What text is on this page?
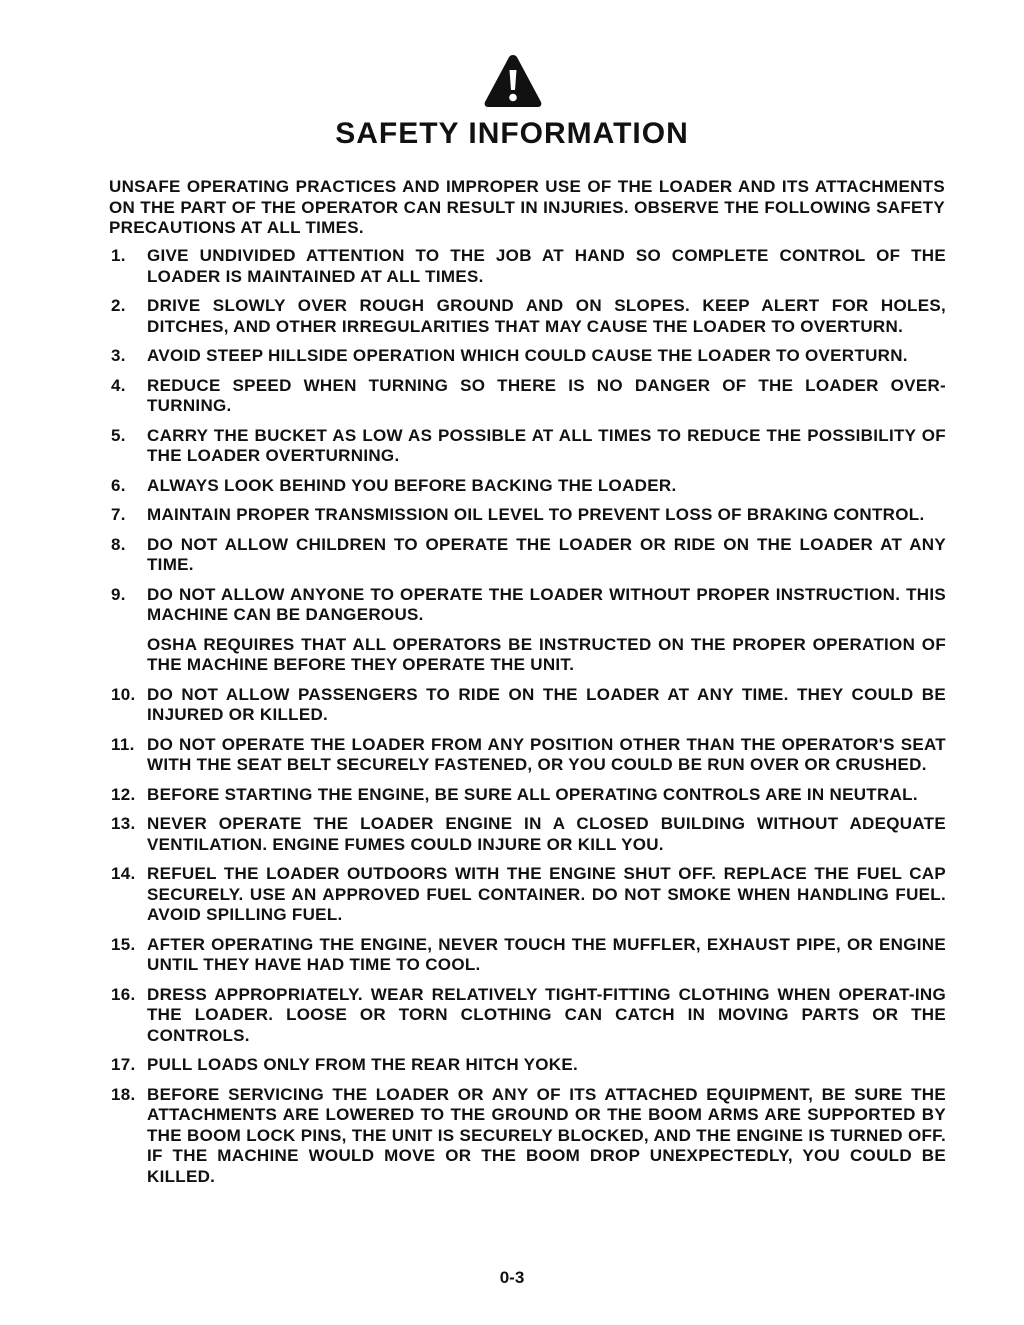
SAFETY INFORMATION

UNSAFE OPERATING PRACTICES AND IMPROPER USE OF THE LOADER AND ITS ATTACHMENTS ON THE PART OF THE OPERATOR CAN RESULT IN INJURIES. OBSERVE THE FOLLOWING SAFETY PRECAUTIONS AT ALL TIMES.

1.	GIVE UNDIVIDED ATTENTION TO THE JOB AT HAND SO COMPLETE CONTROL OF THE LOADER IS MAINTAINED AT ALL TIMES.
2.	DRIVE SLOWLY OVER ROUGH GROUND AND ON SLOPES. KEEP ALERT FOR HOLES, DITCHES, AND OTHER IRREGULARITIES THAT MAY CAUSE THE LOADER TO OVERTURN.
3.	AVOID STEEP HILLSIDE OPERATION WHICH COULD CAUSE THE LOADER TO OVERTURN.
4.	REDUCE SPEED WHEN TURNING SO THERE IS NO DANGER OF THE LOADER OVER-TURNING.
5.	CARRY THE BUCKET AS LOW AS POSSIBLE AT ALL TIMES TO REDUCE THE POSSIBILITY OF THE LOADER OVERTURNING.
6.	ALWAYS LOOK BEHIND YOU BEFORE BACKING THE LOADER.
7.	MAINTAIN PROPER TRANSMISSION OIL LEVEL TO PREVENT LOSS OF BRAKING CONTROL.
8.	DO NOT ALLOW CHILDREN TO OPERATE THE LOADER OR RIDE ON THE LOADER AT ANY TIME.
9.	DO NOT ALLOW ANYONE TO OPERATE THE LOADER WITHOUT PROPER INSTRUCTION. THIS MACHINE CAN BE DANGEROUS.

OSHA REQUIRES THAT ALL OPERATORS BE INSTRUCTED ON THE PROPER OPERATION OF THE MACHINE BEFORE THEY OPERATE THE UNIT.

10. DO NOT ALLOW PASSENGERS TO RIDE ON THE LOADER AT ANY TIME. THEY COULD BE INJURED OR KILLED.
11. DO NOT OPERATE THE LOADER FROM ANY POSITION OTHER THAN THE OPERATOR'S SEAT WITH THE SEAT BELT SECURELY FASTENED, OR YOU COULD BE RUN OVER OR CRUSHED.
12. BEFORE STARTING THE ENGINE, BE SURE ALL OPERATING CONTROLS ARE IN NEUTRAL.
13. NEVER OPERATE THE LOADER ENGINE IN A CLOSED BUILDING WITHOUT ADEQUATE VENTILATION. ENGINE FUMES COULD INJURE OR KILL YOU.
14. REFUEL THE LOADER OUTDOORS WITH THE ENGINE SHUT OFF. REPLACE THE FUEL CAP SECURELY. USE AN APPROVED FUEL CONTAINER. DO NOT SMOKE WHEN HANDLING FUEL. AVOID SPILLING FUEL.
15. AFTER OPERATING THE ENGINE, NEVER TOUCH THE MUFFLER, EXHAUST PIPE, OR ENGINE UNTIL THEY HAVE HAD TIME TO COOL.
16. DRESS APPROPRIATELY. WEAR RELATIVELY TIGHT-FITTING CLOTHING WHEN OPERAT-ING THE LOADER. LOOSE OR TORN CLOTHING CAN CATCH IN MOVING PARTS OR THE CONTROLS.
17. PULL LOADS ONLY FROM THE REAR HITCH YOKE.
18. BEFORE SERVICING THE LOADER OR ANY OF ITS ATTACHED EQUIPMENT, BE SURE THE ATTACHMENTS ARE LOWERED TO THE GROUND OR THE BOOM ARMS ARE SUPPORTED BY THE BOOM LOCK PINS, THE UNIT IS SECURELY BLOCKED, AND THE ENGINE IS TURNED OFF. IF THE MACHINE WOULD MOVE OR THE BOOM DROP UNEXPECTEDLY, YOU COULD BE KILLED.
0-3
